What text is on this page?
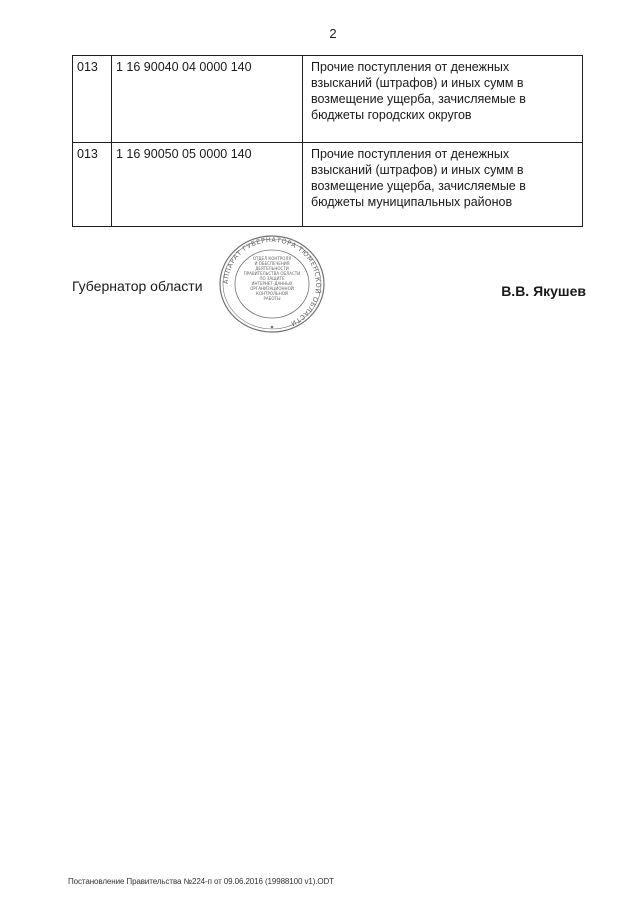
2
013	1 16 90040 04 0000 140	Прочие поступления от денежных взысканий (штрафов) и иных сумм в возмещение ущерба, зачисляемые в бюджеты городских округов
013	1 16 90050 05 0000 140	Прочие поступления от денежных взысканий (штрафов) и иных сумм в возмещение ущерба, зачисляемые в бюджеты муниципальных районов
Губернатор области	АППАРАТ ГУБЕРНАТОРА ТЮМЕНСКОЙ ОБЛАСТИ
ОТДЕЛ КОНТРОЛЯ
И ОБЕСПЕЧЕНИЯ
ДЕЯТЕЛЬНОСТИ
ПРАВИТЕЛЬСТВА ОБЛАСТИ
ПО ЗАЩИТЕ
ИНТЕРНЕТ-ДАННЫХ
ОРГАНИЗАЦИОННОЙ
КОНТРОЛЬНОЙ
РАБОТЫ	В.В. Якушев
Постановление Правительства №224-п от 09.06.2016 (19988100 v1).ODT
